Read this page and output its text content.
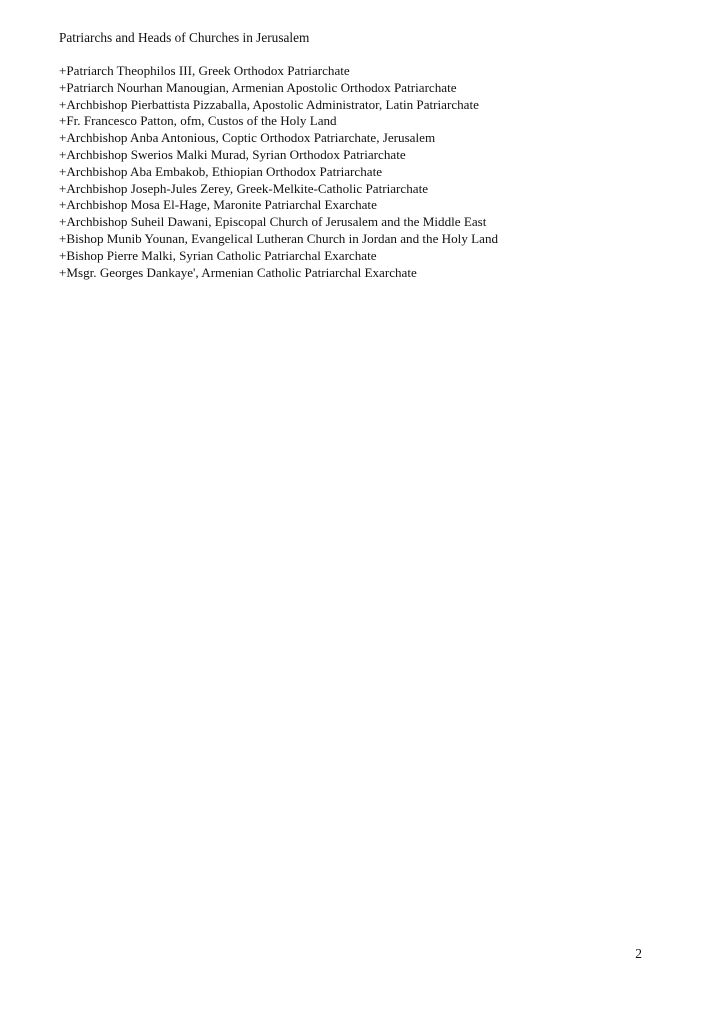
Patriarchs and Heads of Churches in Jerusalem
+Patriarch Theophilos III, Greek Orthodox Patriarchate
+Patriarch Nourhan Manougian, Armenian Apostolic Orthodox Patriarchate
+Archbishop Pierbattista Pizzaballa, Apostolic Administrator, Latin Patriarchate
+Fr. Francesco Patton, ofm, Custos of the Holy Land
+Archbishop Anba Antonious, Coptic Orthodox Patriarchate, Jerusalem
+Archbishop Swerios Malki Murad, Syrian Orthodox Patriarchate
+Archbishop Aba Embakob, Ethiopian Orthodox Patriarchate
+Archbishop Joseph-Jules Zerey, Greek-Melkite-Catholic Patriarchate
+Archbishop Mosa El-Hage, Maronite Patriarchal Exarchate
+Archbishop Suheil Dawani, Episcopal Church of Jerusalem and the Middle East
+Bishop Munib Younan, Evangelical Lutheran Church in Jordan and the Holy Land
+Bishop Pierre Malki, Syrian Catholic Patriarchal Exarchate
+Msgr. Georges Dankaye', Armenian Catholic Patriarchal Exarchate
2
